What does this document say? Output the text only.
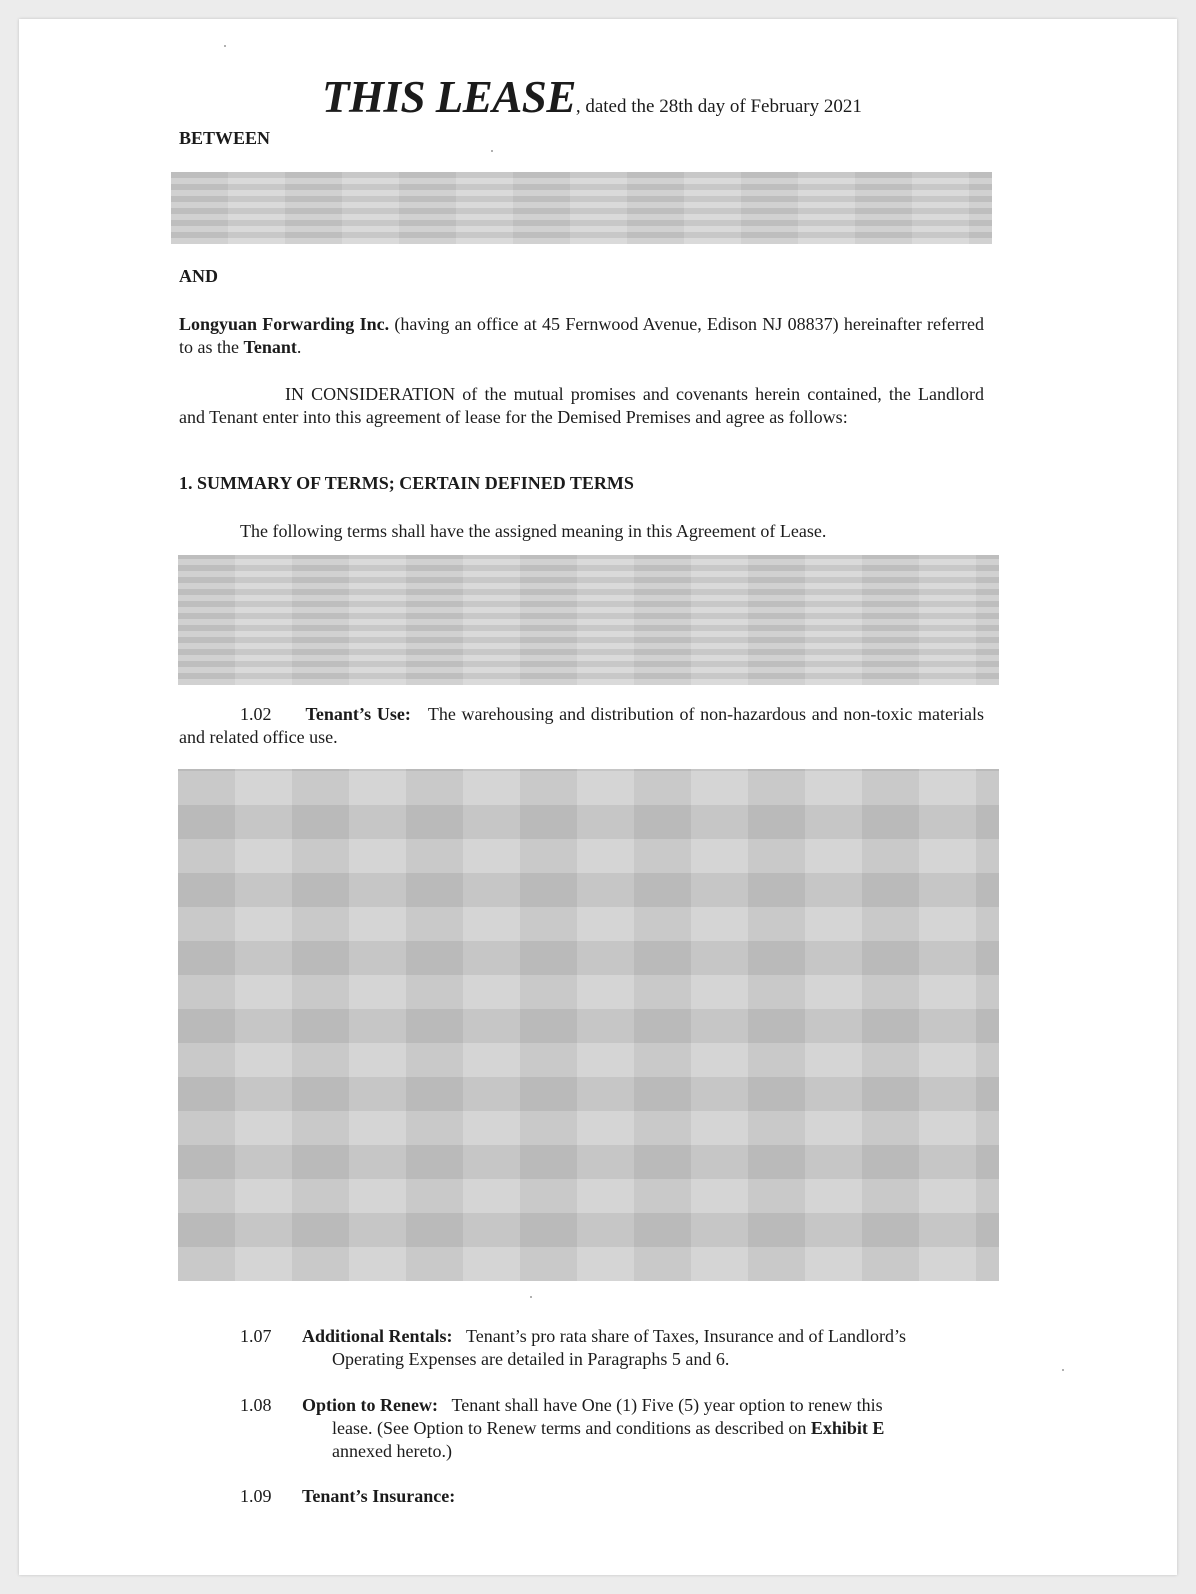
THIS LEASE, dated the 28th day of February 2021
BETWEEN
AND
Longyuan Forwarding Inc. (having an office at 45 Fernwood Avenue, Edison NJ 08837) hereinafter referred to as the Tenant.
IN CONSIDERATION of the mutual promises and covenants herein contained, the Landlord and Tenant enter into this agreement of lease for the Demised Premises and agree as follows:
1. SUMMARY OF TERMS; CERTAIN DEFINED TERMS
The following terms shall have the assigned meaning in this Agreement of Lease.
1.02 Tenant’s Use: The warehousing and distribution of non-hazardous and non-toxic materials and related office use.
1.07 Additional Rentals: Tenant’s pro rata share of Taxes, Insurance and of Landlord’s
Operating Expenses are detailed in Paragraphs 5 and 6.
1.08 Option to Renew: Tenant shall have One (1) Five (5) year option to renew this
lease. (See Option to Renew terms and conditions as described on Exhibit E
annexed hereto.)
1.09 Tenant’s Insurance:
